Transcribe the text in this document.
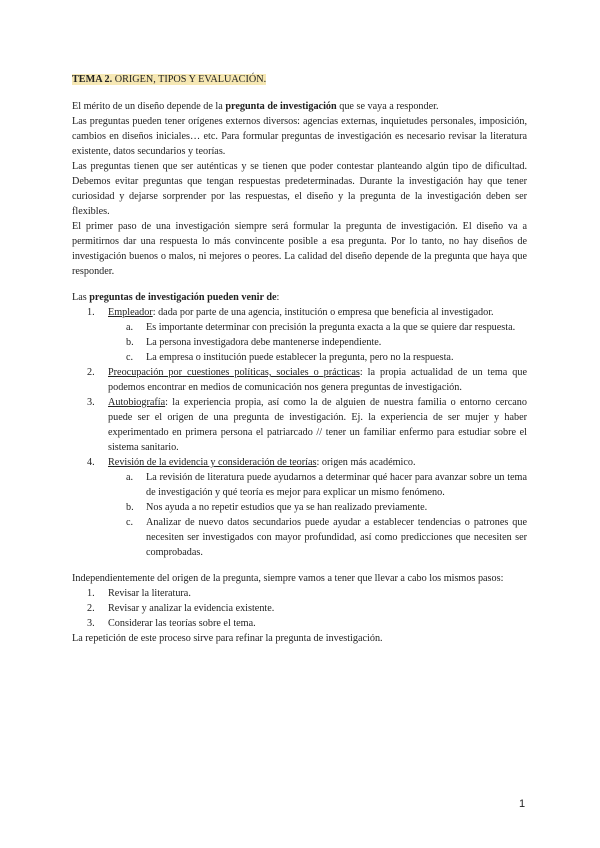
TEMA 2. ORIGEN, TIPOS Y EVALUACIÓN.

El mérito de un diseño depende de la pregunta de investigación que se vaya a responder.

Las preguntas pueden tener orígenes externos diversos: agencias externas, inquietudes personales, imposición, cambios en diseños iniciales… etc. Para formular preguntas de investigación es necesario revisar la literatura existente, datos secundarios y teorías.

Las preguntas tienen que ser auténticas y se tienen que poder contestar planteando algún tipo de dificultad. Debemos evitar preguntas que tengan respuestas predeterminadas. Durante la investigación hay que tener curiosidad y dejarse sorprender por las respuestas, el diseño y la pregunta de la investigación deben ser flexibles.

El primer paso de una investigación siempre será formular la pregunta de investigación. El diseño va a permitirnos dar una respuesta lo más convincente posible a esa pregunta. Por lo tanto, no hay diseños de investigación buenos o malos, ni mejores o peores. La calidad del diseño depende de la pregunta que haya que responder.

Las preguntas de investigación pueden venir de:

1. Empleador: dada por parte de una agencia, institución o empresa que beneficia al investigador.
a. Es importante determinar con precisión la pregunta exacta a la que se quiere dar respuesta.
b. La persona investigadora debe mantenerse independiente.
c. La empresa o institución puede establecer la pregunta, pero no la respuesta.
2. Preocupación por cuestiones políticas, sociales o prácticas: la propia actualidad de un tema que podemos encontrar en medios de comunicación nos genera preguntas de investigación.
3. Autobiografía: la experiencia propia, así como la de alguien de nuestra familia o entorno cercano puede ser el origen de una pregunta de investigación. Ej. la experiencia de ser mujer y haber experimentado en primera persona el patriarcado // tener un familiar enfermo para estudiar sobre el sistema sanitario.
4. Revisión de la evidencia y consideración de teorías: origen más académico.
a. La revisión de literatura puede ayudarnos a determinar qué hacer para avanzar sobre un tema de investigación y qué teoría es mejor para explicar un mismo fenómeno.
b. Nos ayuda a no repetir estudios que ya se han realizado previamente.
c. Analizar de nuevo datos secundarios puede ayudar a establecer tendencias o patrones que necesiten ser investigados con mayor profundidad, así como predicciones que necesiten ser comprobadas.

Independientemente del origen de la pregunta, siempre vamos a tener que llevar a cabo los mismos pasos:

1. Revisar la literatura.
2. Revisar y analizar la evidencia existente.
3. Considerar las teorías sobre el tema.

La repetición de este proceso sirve para refinar la pregunta de investigación.

1
